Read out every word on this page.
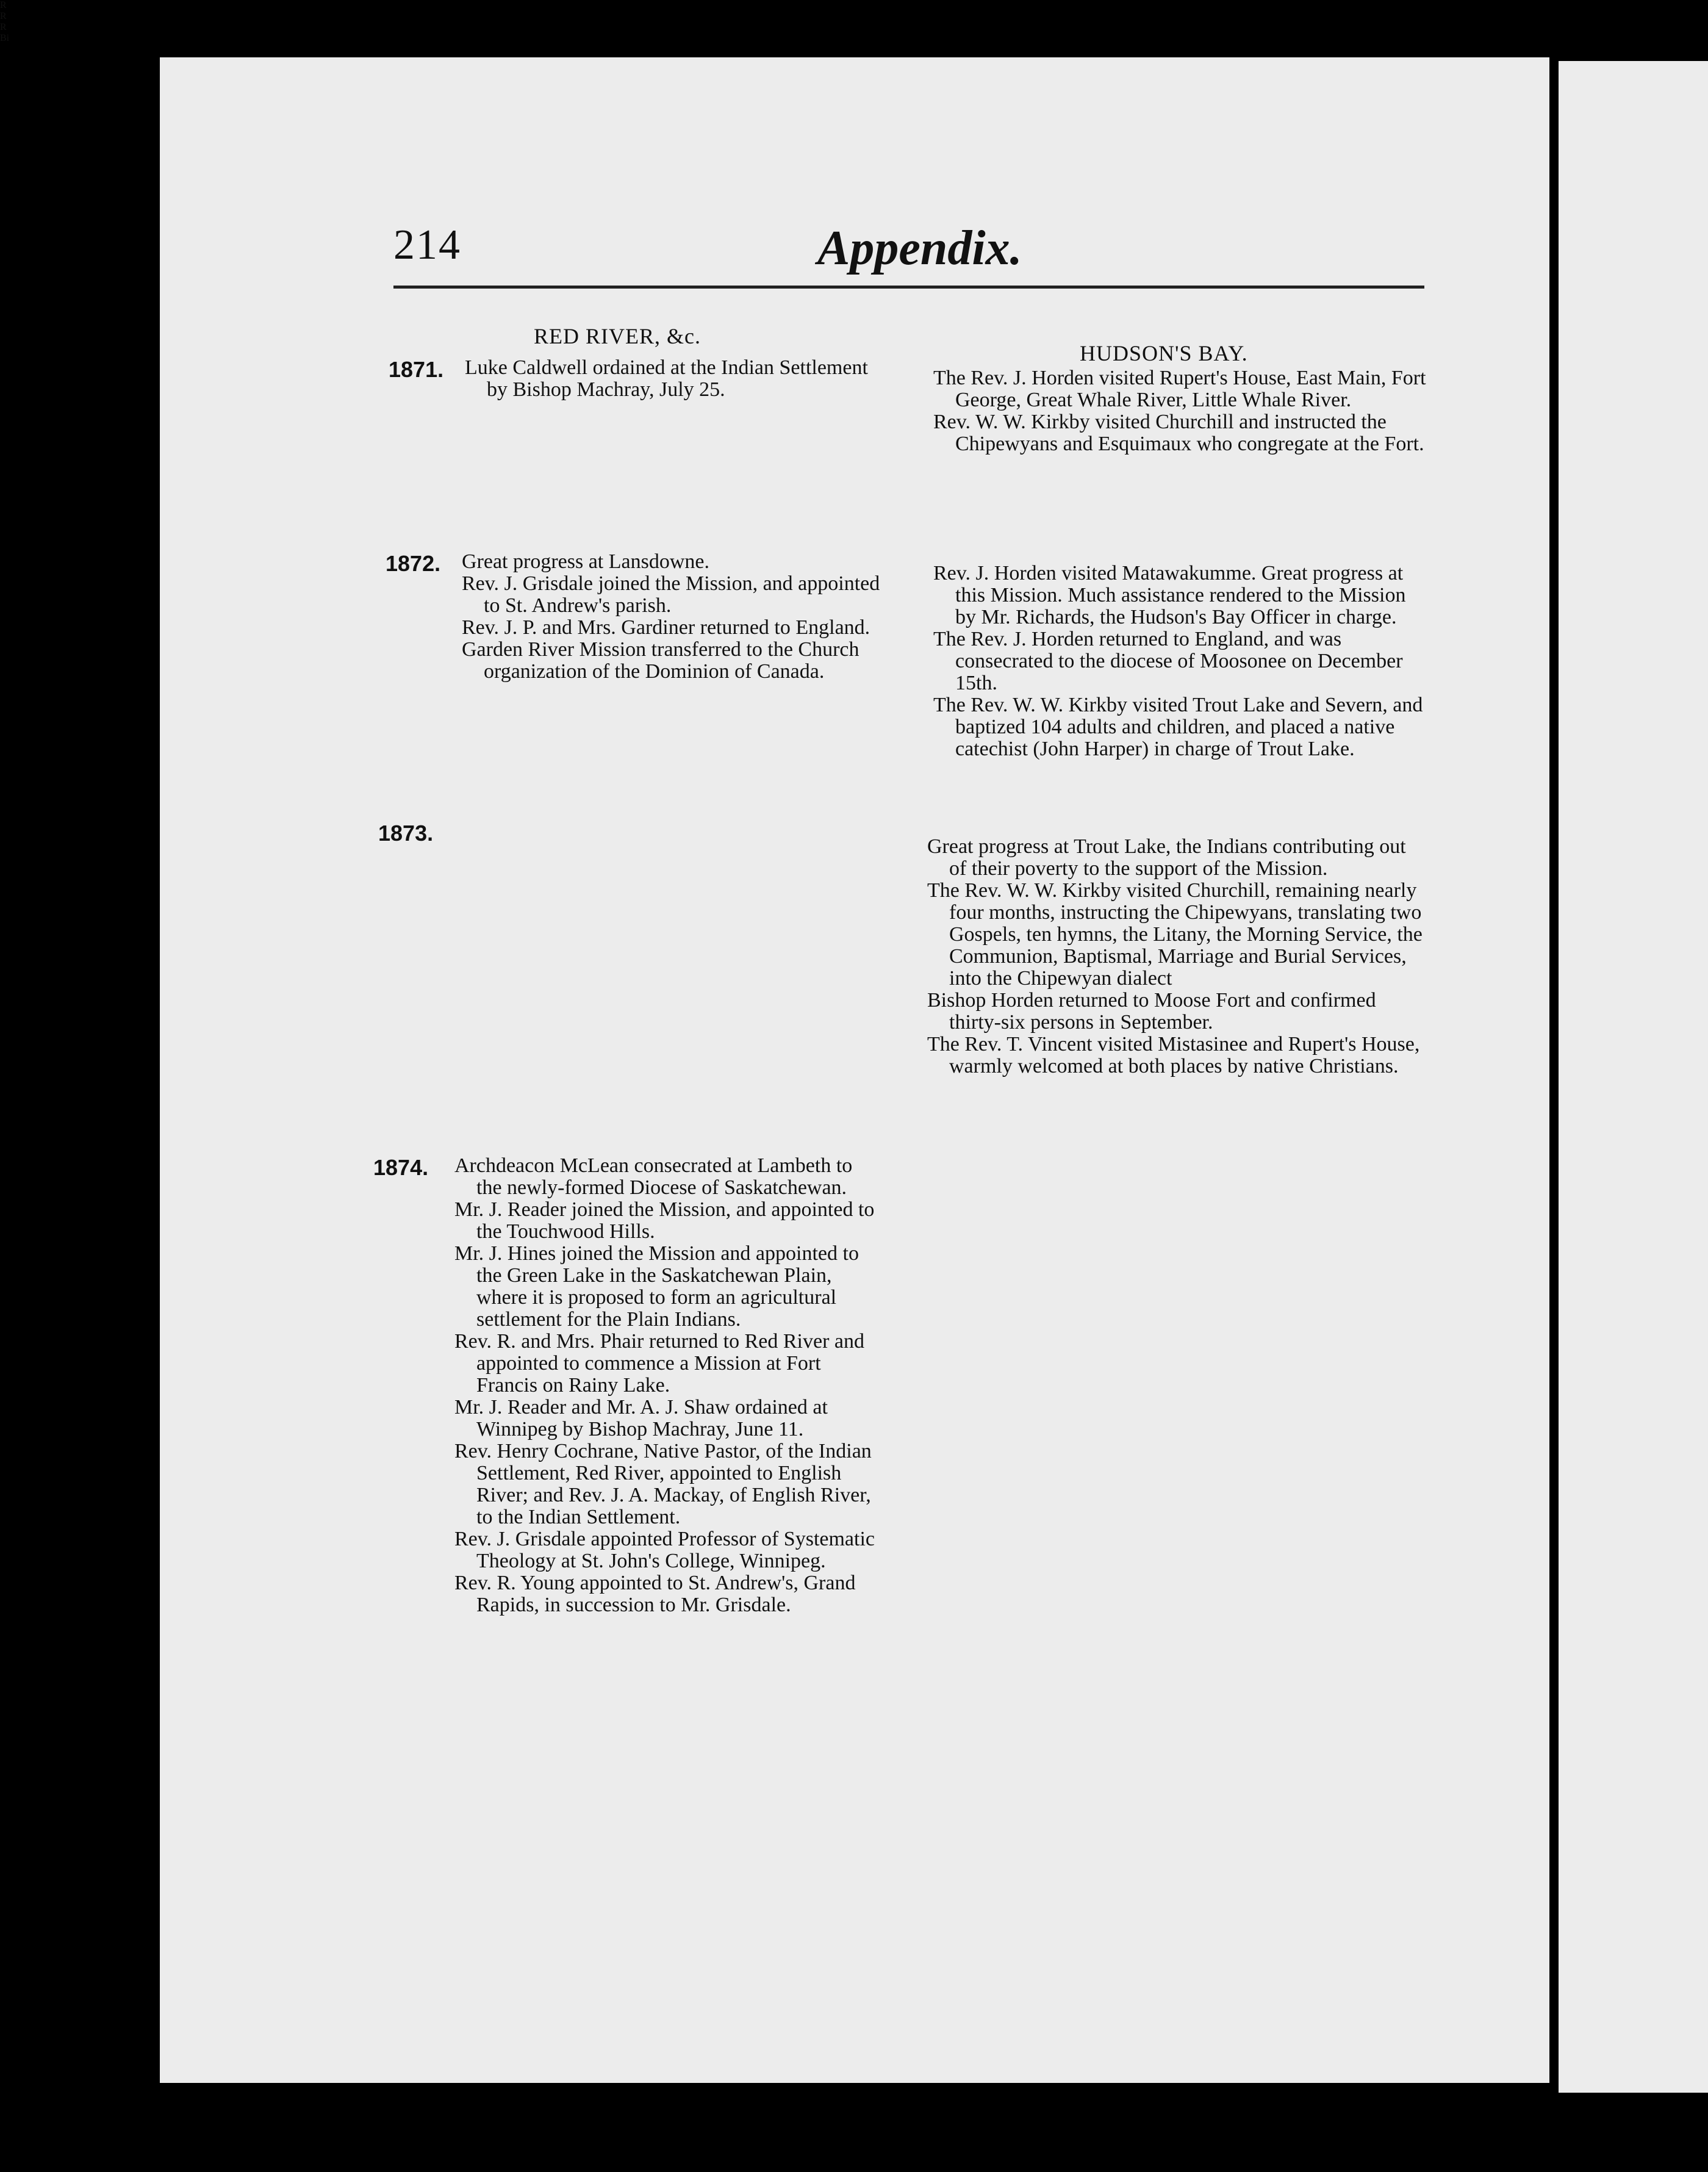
R
R
R
Bi
214	Appendix.
RED RIVER, &c.
HUDSON'S BAY.
1871.
1872.
1873.
1874.

Luke Caldwell ordained at the Indian Settlement by Bishop Machray, July 25.

Great progress at Lansdowne.

Rev. J. Grisdale joined the Mission, and appointed to St. Andrew's parish.

Rev. J. P. and Mrs. Gardiner returned to England.

Garden River Mission transferred to the Church organization of the Dominion of Canada.

Archdeacon McLean consecrated at Lambeth to the newly-formed Diocese of Saskatchewan.

Mr. J. Reader joined the Mission, and appointed to the Touchwood Hills.

Mr. J. Hines joined the Mission and appointed to the Green Lake in the Saskatchewan Plain, where it is proposed to form an agricultural settlement for the Plain Indians.

Rev. R. and Mrs. Phair returned to Red River and appointed to commence a Mission at Fort Francis on Rainy Lake.

Mr. J. Reader and Mr. A. J. Shaw ordained at Winnipeg by Bishop Machray, June 11.

Rev. Henry Cochrane, Native Pastor, of the Indian Settlement, Red River, appointed to English River; and Rev. J. A. Mackay, of English River, to the Indian Settlement.

Rev. J. Grisdale appointed Professor of Systematic Theology at St. John's College, Winnipeg.

Rev. R. Young appointed to St. Andrew's, Grand Rapids, in succession to Mr. Grisdale.

The Rev. J. Horden visited Rupert's House, East Main, Fort George, Great Whale River, Little Whale River.

Rev. W. W. Kirkby visited Churchill and instructed the Chipewyans and Esquimaux who congregate at the Fort.

Rev. J. Horden visited Matawakumme. Great progress at this Mission. Much assistance rendered to the Mission by Mr. Richards, the Hudson's Bay Officer in charge.

The Rev. J. Horden returned to England, and was consecrated to the diocese of Moosonee on December 15th.

The Rev. W. W. Kirkby visited Trout Lake and Severn, and baptized 104 adults and children, and placed a native catechist (John Harper) in charge of Trout Lake.

Great progress at Trout Lake, the Indians contributing out of their poverty to the support of the Mission.

The Rev. W. W. Kirkby visited Churchill, remaining nearly four months, instructing the Chipewyans, translating two Gospels, ten hymns, the Litany, the Morning Service, the Communion, Baptismal, Marriage and Burial Services, into the Chipewyan dialect

Bishop Horden returned to Moose Fort and confirmed thirty-six persons in September.

The Rev. T. Vincent visited Mistasinee and Rupert's House, warmly welcomed at both places by native Christians.
